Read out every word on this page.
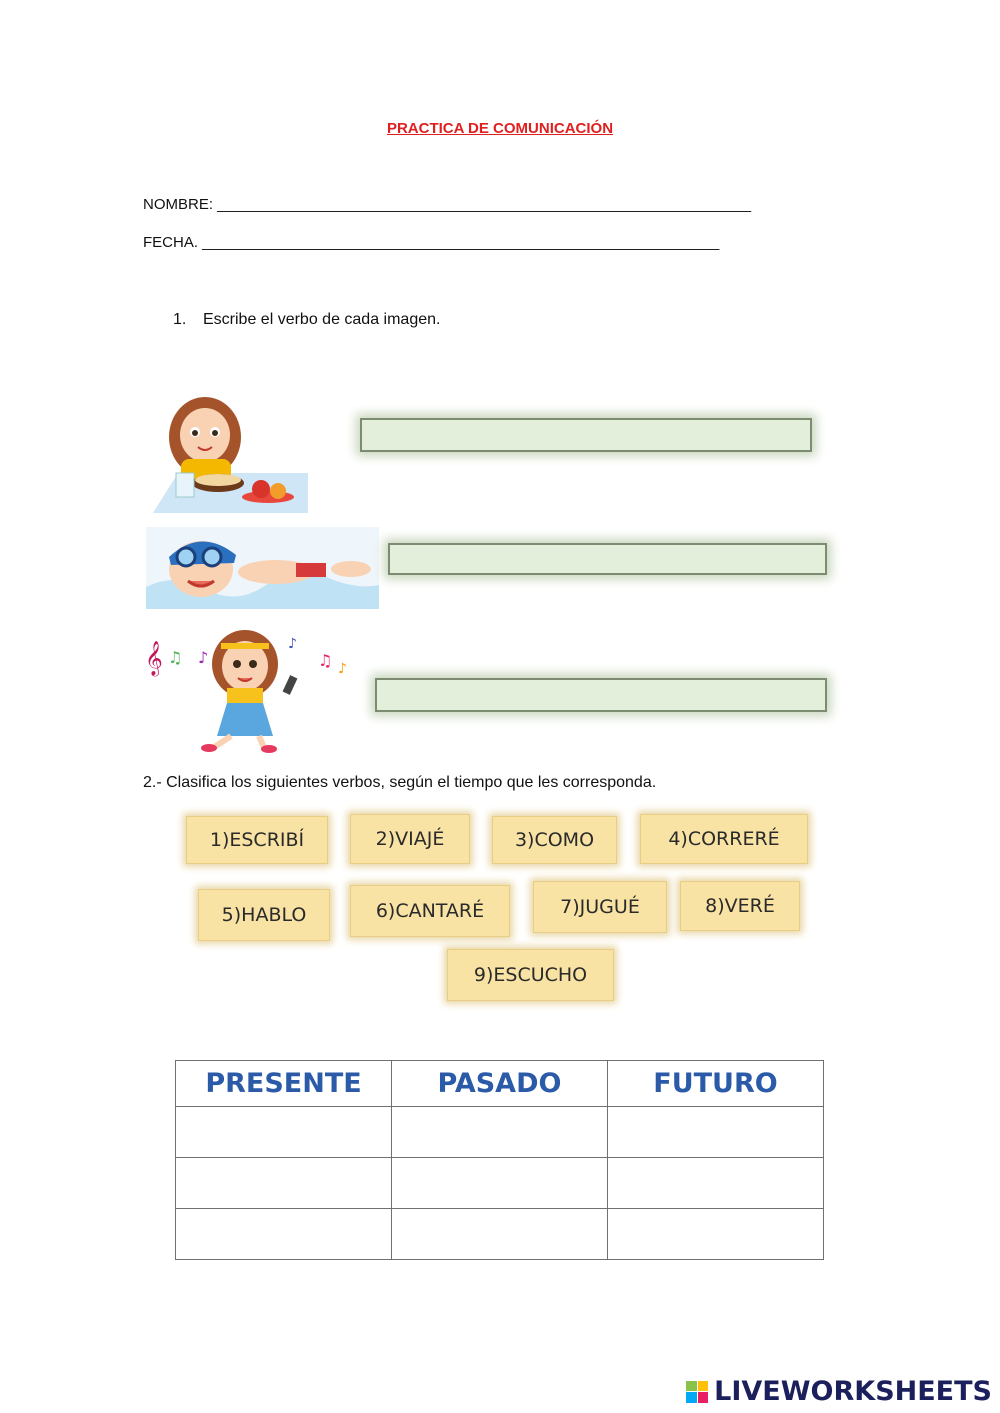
PRACTICA DE COMUNICACIÓN
NOMBRE: ________________________________________________________________
FECHA. ______________________________________________________________
1. Escribe el verbo de cada imagen.
𝄞 ♫ ♪
♪
♫ ♪
2.- Clasifica los siguientes verbos, según el tiempo que les corresponda.
1)ESCRIBÍ	2)VIAJÉ	3)COMO	4)CORRERÉ
5)HABLO	6)CANTARÉ	7)JUGUÉ	8)VERÉ
9)ESCUCHO
PRESENTE	PASADO	FUTURO

LIVEWORKSHEETS
